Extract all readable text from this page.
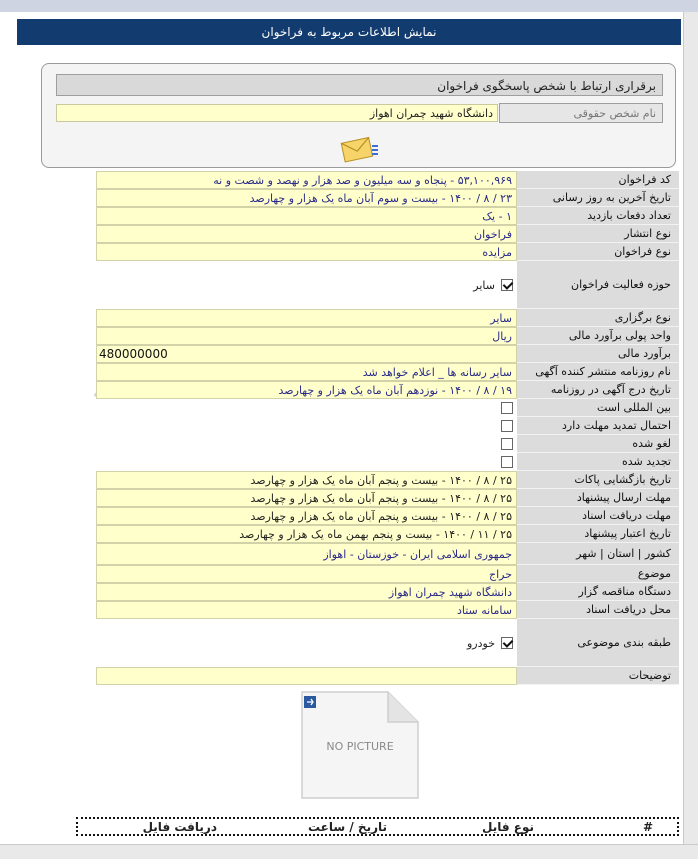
نمایش اطلاعات مربوط به فراخوان
برقراری ارتباط با شخص پاسخگوی فراخوان
نام شخص حقوقی
دانشگاه شهید چمران اهواز
کد فراخوان
۵۳,۱۰۰,۹۶۹ - پنجاه و سه میلیون و صد هزار و نهصد و شصت و نه
تاریخ آخرین به روز رسانی
۲۳ / ۸ / ۱۴۰۰ - بیست و سوم آبان ماه یک هزار و چهارصد
تعداد دفعات بازدید
۱ - یک
نوع انتشار
فراخوان
نوع فراخوان
مزایده
حوزه فعالیت فراخوان
سایر
نوع برگزاری
سایر
واحد پولی برآورد مالی
ریال
برآورد مالی
480000000
نام روزنامه منتشر کننده آگهی
سایر رسانه ها _ اعلام خواهد شد
تاریخ درج آگهی در روزنامه
۱۹ / ۸ / ۱۴۰۰ - نوزدهم آبان ماه یک هزار و چهارصد
بین المللی است
احتمال تمدید مهلت دارد
لغو شده
تجدید شده
تاریخ بازگشایی پاکات
۲۵ / ۸ / ۱۴۰۰ - بیست و پنجم آبان ماه یک هزار و چهارصد
مهلت ارسال پیشنهاد
۲۵ / ۸ / ۱۴۰۰ - بیست و پنجم آبان ماه یک هزار و چهارصد
مهلت دریافت اسناد
۲۵ / ۸ / ۱۴۰۰ - بیست و پنجم آبان ماه یک هزار و چهارصد
تاریخ اعتبار پیشنهاد
۲۵ / ۱۱ / ۱۴۰۰ - بیست و پنجم بهمن ماه یک هزار و چهارصد
کشور | استان | شهر
جمهوری اسلامی ایران - خوزستان - اهواز
موضوع
حراج
دستگاه مناقصه گزار
دانشگاه شهید چمران اهواز
محل دریافت اسناد
سامانه ستاد
طبقه بندی موضوعی
خودرو
توضیحات
NO PICTURE
#
نوع فایل
تاریخ / ساعت
دریافت فایل
